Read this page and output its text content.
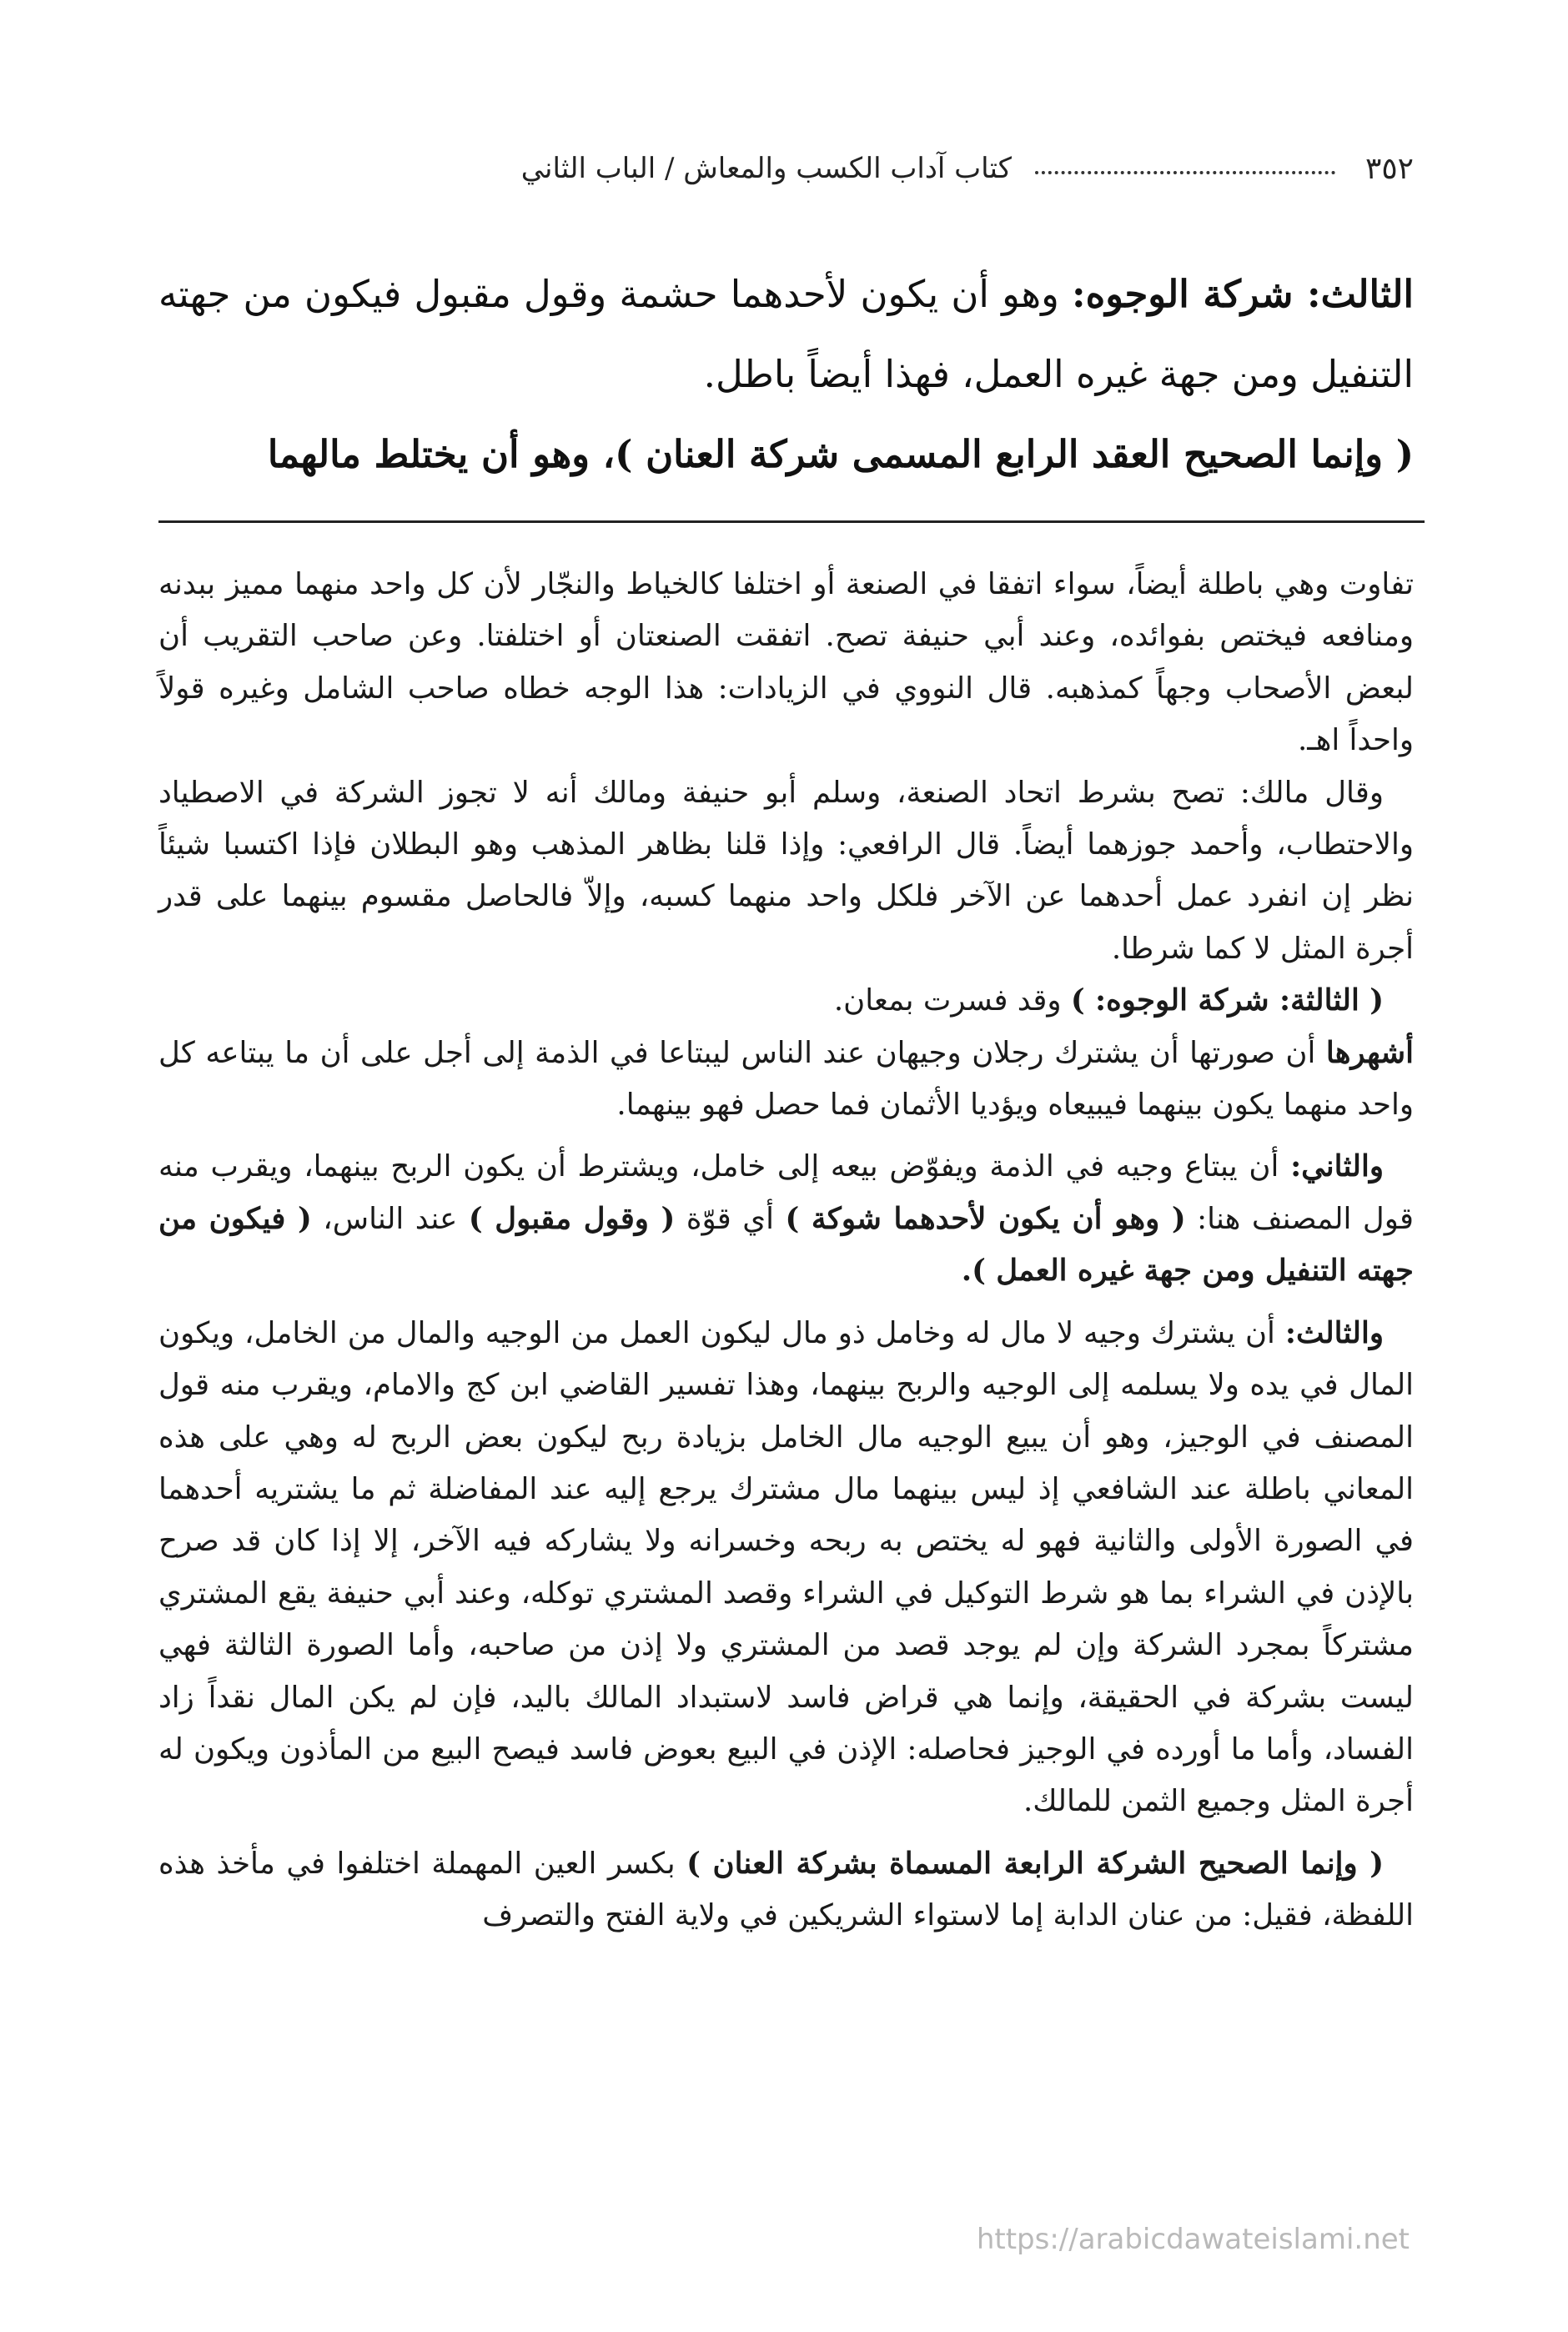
٣٥٢
كتاب آداب الكسب والمعاش / الباب الثاني

الثالث: شركة الوجوه: وهو أن يكون لأحدهما حشمة وقول مقبول فيكون من جهته التنفيل ومن جهة غيره العمل، فهذا أيضاً باطل.

( وإنما الصحيح العقد الرابع المسمى شركة العنان )، وهو أن يختلط مالهما

تفاوت وهي باطلة أيضاً، سواء اتفقا في الصنعة أو اختلفا كالخياط والنجّار لأن كل واحد منهما مميز ببدنه ومنافعه فيختص بفوائده، وعند أبي حنيفة تصح. اتفقت الصنعتان أو اختلفتا. وعن صاحب التقريب أن لبعض الأصحاب وجهاً كمذهبه. قال النووي في الزيادات: هذا الوجه خطاه صاحب الشامل وغيره قولاً واحداً اهـ.

وقال مالك: تصح بشرط اتحاد الصنعة، وسلم أبو حنيفة ومالك أنه لا تجوز الشركة في الاصطياد والاحتطاب، وأحمد جوزهما أيضاً. قال الرافعي: وإذا قلنا بظاهر المذهب وهو البطلان فإذا اكتسبا شيئاً نظر إن انفرد عمل أحدهما عن الآخر فلكل واحد منهما كسبه، وإلاّ فالحاصل مقسوم بينهما على قدر أجرة المثل لا كما شرطا.

( الثالثة: شركة الوجوه: ) وقد فسرت بمعان.

أشهرها أن صورتها أن يشترك رجلان وجيهان عند الناس ليبتاعا في الذمة إلى أجل على أن ما يبتاعه كل واحد منهما يكون بينهما فيبيعاه ويؤديا الأثمان فما حصل فهو بينهما.

والثاني: أن يبتاع وجيه في الذمة ويفوّض بيعه إلى خامل، ويشترط أن يكون الربح بينهما، ويقرب منه قول المصنف هنا: ( وهو أن يكون لأحدهما شوكة ) أي قوّة ( وقول مقبول ) عند الناس، ( فيكون من جهته التنفيل ومن جهة غيره العمل ).

والثالث: أن يشترك وجيه لا مال له وخامل ذو مال ليكون العمل من الوجيه والمال من الخامل، ويكون المال في يده ولا يسلمه إلى الوجيه والربح بينهما، وهذا تفسير القاضي ابن كج والامام، ويقرب منه قول المصنف في الوجيز، وهو أن يبيع الوجيه مال الخامل بزيادة ربح ليكون بعض الربح له وهي على هذه المعاني باطلة عند الشافعي إذ ليس بينهما مال مشترك يرجع إليه عند المفاضلة ثم ما يشتريه أحدهما في الصورة الأولى والثانية فهو له يختص به ربحه وخسرانه ولا يشاركه فيه الآخر، إلا إذا كان قد صرح بالإذن في الشراء بما هو شرط التوكيل في الشراء وقصد المشتري توكله، وعند أبي حنيفة يقع المشتري مشتركاً بمجرد الشركة وإن لم يوجد قصد من المشتري ولا إذن من صاحبه، وأما الصورة الثالثة فهي ليست بشركة في الحقيقة، وإنما هي قراض فاسد لاستبداد المالك باليد، فإن لم يكن المال نقداً زاد الفساد، وأما ما أورده في الوجيز فحاصله: الإذن في البيع بعوض فاسد فيصح البيع من المأذون ويكون له أجرة المثل وجميع الثمن للمالك.

( وإنما الصحيح الشركة الرابعة المسماة بشركة العنان ) بكسر العين المهملة اختلفوا في مأخذ هذه اللفظة، فقيل: من عنان الدابة إما لاستواء الشريكين في ولاية الفتح والتصرف

https://arabicdawateislami.net
